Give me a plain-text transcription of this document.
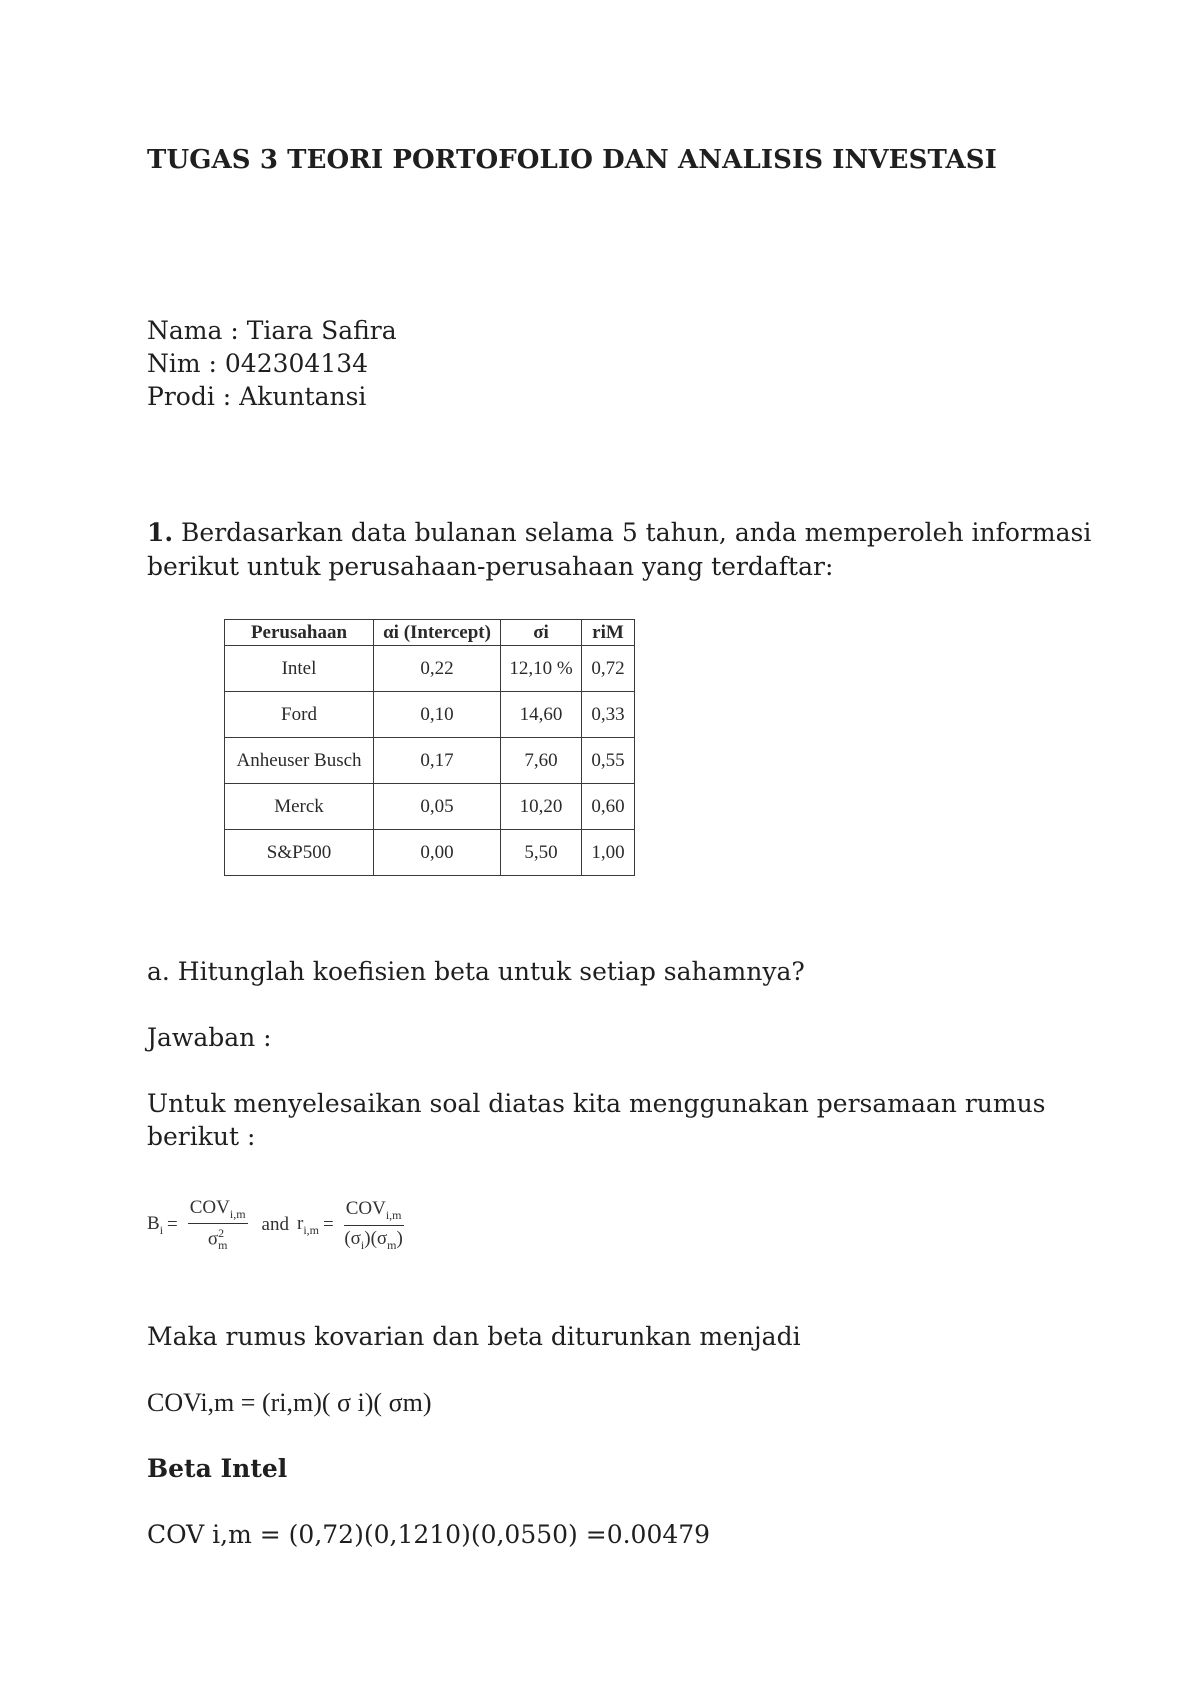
TUGAS 3 TEORI PORTOFOLIO DAN ANALISIS INVESTASI

Nama : Tiara Safira

Nim : 042304134

Prodi : Akuntansi

1. Berdasarkan data bulanan selama 5 tahun, anda memperoleh informasi

berikut untuk perusahaan-perusahaan yang terdaftar:

Perusahaan	αi (Intercept)	σi	riM
Intel	0,22	12,10 %	0,72
Ford	0,10	14,60	0,33
Anheuser Busch	0,17	7,60	0,55
Merck	0,05	10,20	0,60
S&P500	0,00	5,50	1,00

a. Hitunglah koefisien beta untuk setiap sahamnya?

Jawaban :

Untuk menyelesaikan soal diatas kita menggunakan persamaan rumus

berikut :

$B_i = \frac{COV_{i,m}}{\sigma^2_m}$ and $r_{i,m} = \frac{COV_{i,m}}{(\sigma_i)(\sigma_m)}$

Maka rumus kovarian dan beta diturunkan menjadi

COVi,m = (ri,m)( σ i)( σm)

Beta Intel

COV i,m = (0,72)(0,1210)(0,0550) =0.00479
